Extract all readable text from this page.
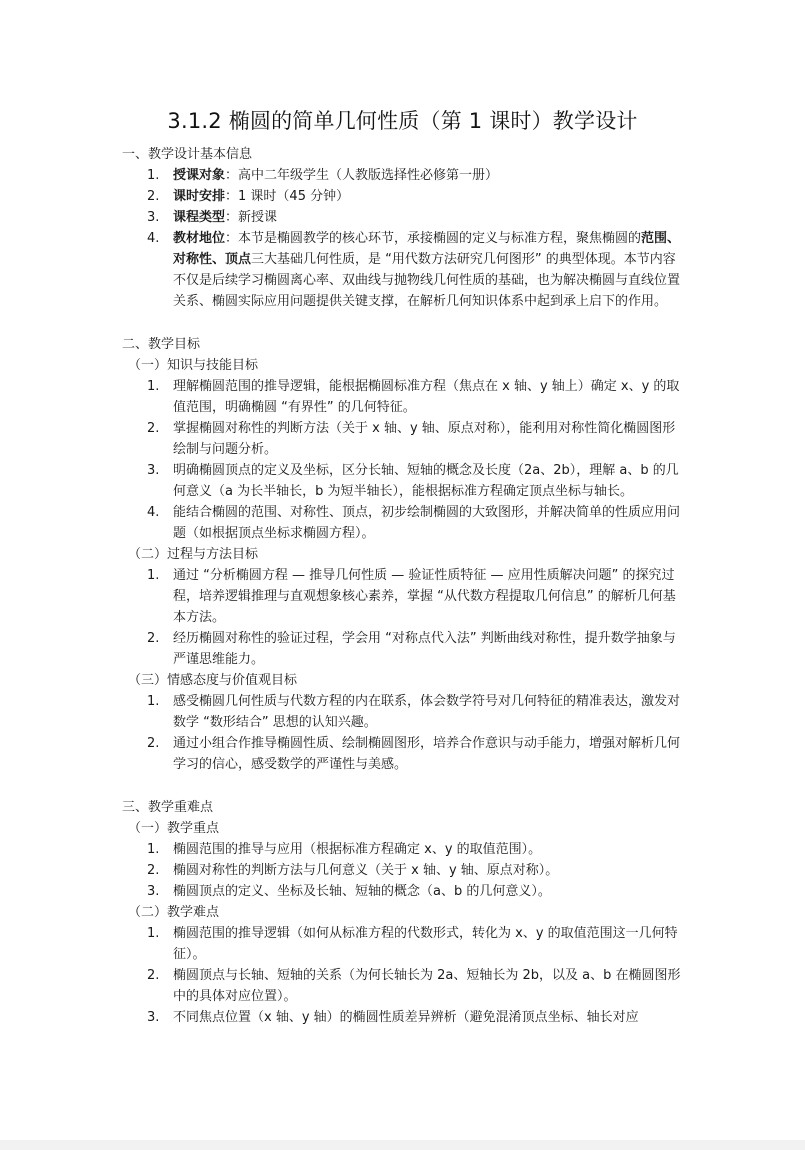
3.1.2 椭圆的简单几何性质（第 1 课时）教学设计
一、教学设计基本信息
1. 授课对象：高中二年级学生（人教版选择性必修第一册）
2. 课时安排：1 课时（45 分钟）
3. 课程类型：新授课
4. 教材地位：本节是椭圆教学的核心环节，承接椭圆的定义与标准方程，聚焦椭圆的范围、对称性、顶点三大基础几何性质，是 “用代数方法研究几何图形” 的典型体现。本节内容不仅是后续学习椭圆离心率、双曲线与抛物线几何性质的基础，也为解决椭圆与直线位置关系、椭圆实际应用问题提供关键支撑，在解析几何知识体系中起到承上启下的作用。
二、教学目标
（一）知识与技能目标
1. 理解椭圆范围的推导逻辑，能根据椭圆标准方程（焦点在 x 轴、y 轴上）确定 x、y 的取值范围，明确椭圆 “有界性” 的几何特征。
2. 掌握椭圆对称性的判断方法（关于 x 轴、y 轴、原点对称），能利用对称性简化椭圆图形绘制与问题分析。
3. 明确椭圆顶点的定义及坐标，区分长轴、短轴的概念及长度（2a、2b），理解 a、b 的几何意义（a 为长半轴长，b 为短半轴长），能根据标准方程确定顶点坐标与轴长。
4. 能结合椭圆的范围、对称性、顶点，初步绘制椭圆的大致图形，并解决简单的性质应用问题（如根据顶点坐标求椭圆方程）。
（二）过程与方法目标
1. 通过 “分析椭圆方程 — 推导几何性质 — 验证性质特征 — 应用性质解决问题” 的探究过程，培养逻辑推理与直观想象核心素养，掌握 “从代数方程提取几何信息” 的解析几何基本方法。
2. 经历椭圆对称性的验证过程，学会用 “对称点代入法” 判断曲线对称性，提升数学抽象与严谨思维能力。
（三）情感态度与价值观目标
1. 感受椭圆几何性质与代数方程的内在联系，体会数学符号对几何特征的精准表达，激发对数学 “数形结合” 思想的认知兴趣。
2. 通过小组合作推导椭圆性质、绘制椭圆图形，培养合作意识与动手能力，增强对解析几何学习的信心，感受数学的严谨性与美感。
三、教学重难点
（一）教学重点
1. 椭圆范围的推导与应用（根据标准方程确定 x、y 的取值范围）。
2. 椭圆对称性的判断方法与几何意义（关于 x 轴、y 轴、原点对称）。
3. 椭圆顶点的定义、坐标及长轴、短轴的概念（a、b 的几何意义）。
（二）教学难点
1. 椭圆范围的推导逻辑（如何从标准方程的代数形式，转化为 x、y 的取值范围这一几何特征）。
2. 椭圆顶点与长轴、短轴的关系（为何长轴长为 2a、短轴长为 2b，以及 a、b 在椭圆图形中的具体对应位置）。
3. 不同焦点位置（x 轴、y 轴）的椭圆性质差异辨析（避免混淆顶点坐标、轴长对应
